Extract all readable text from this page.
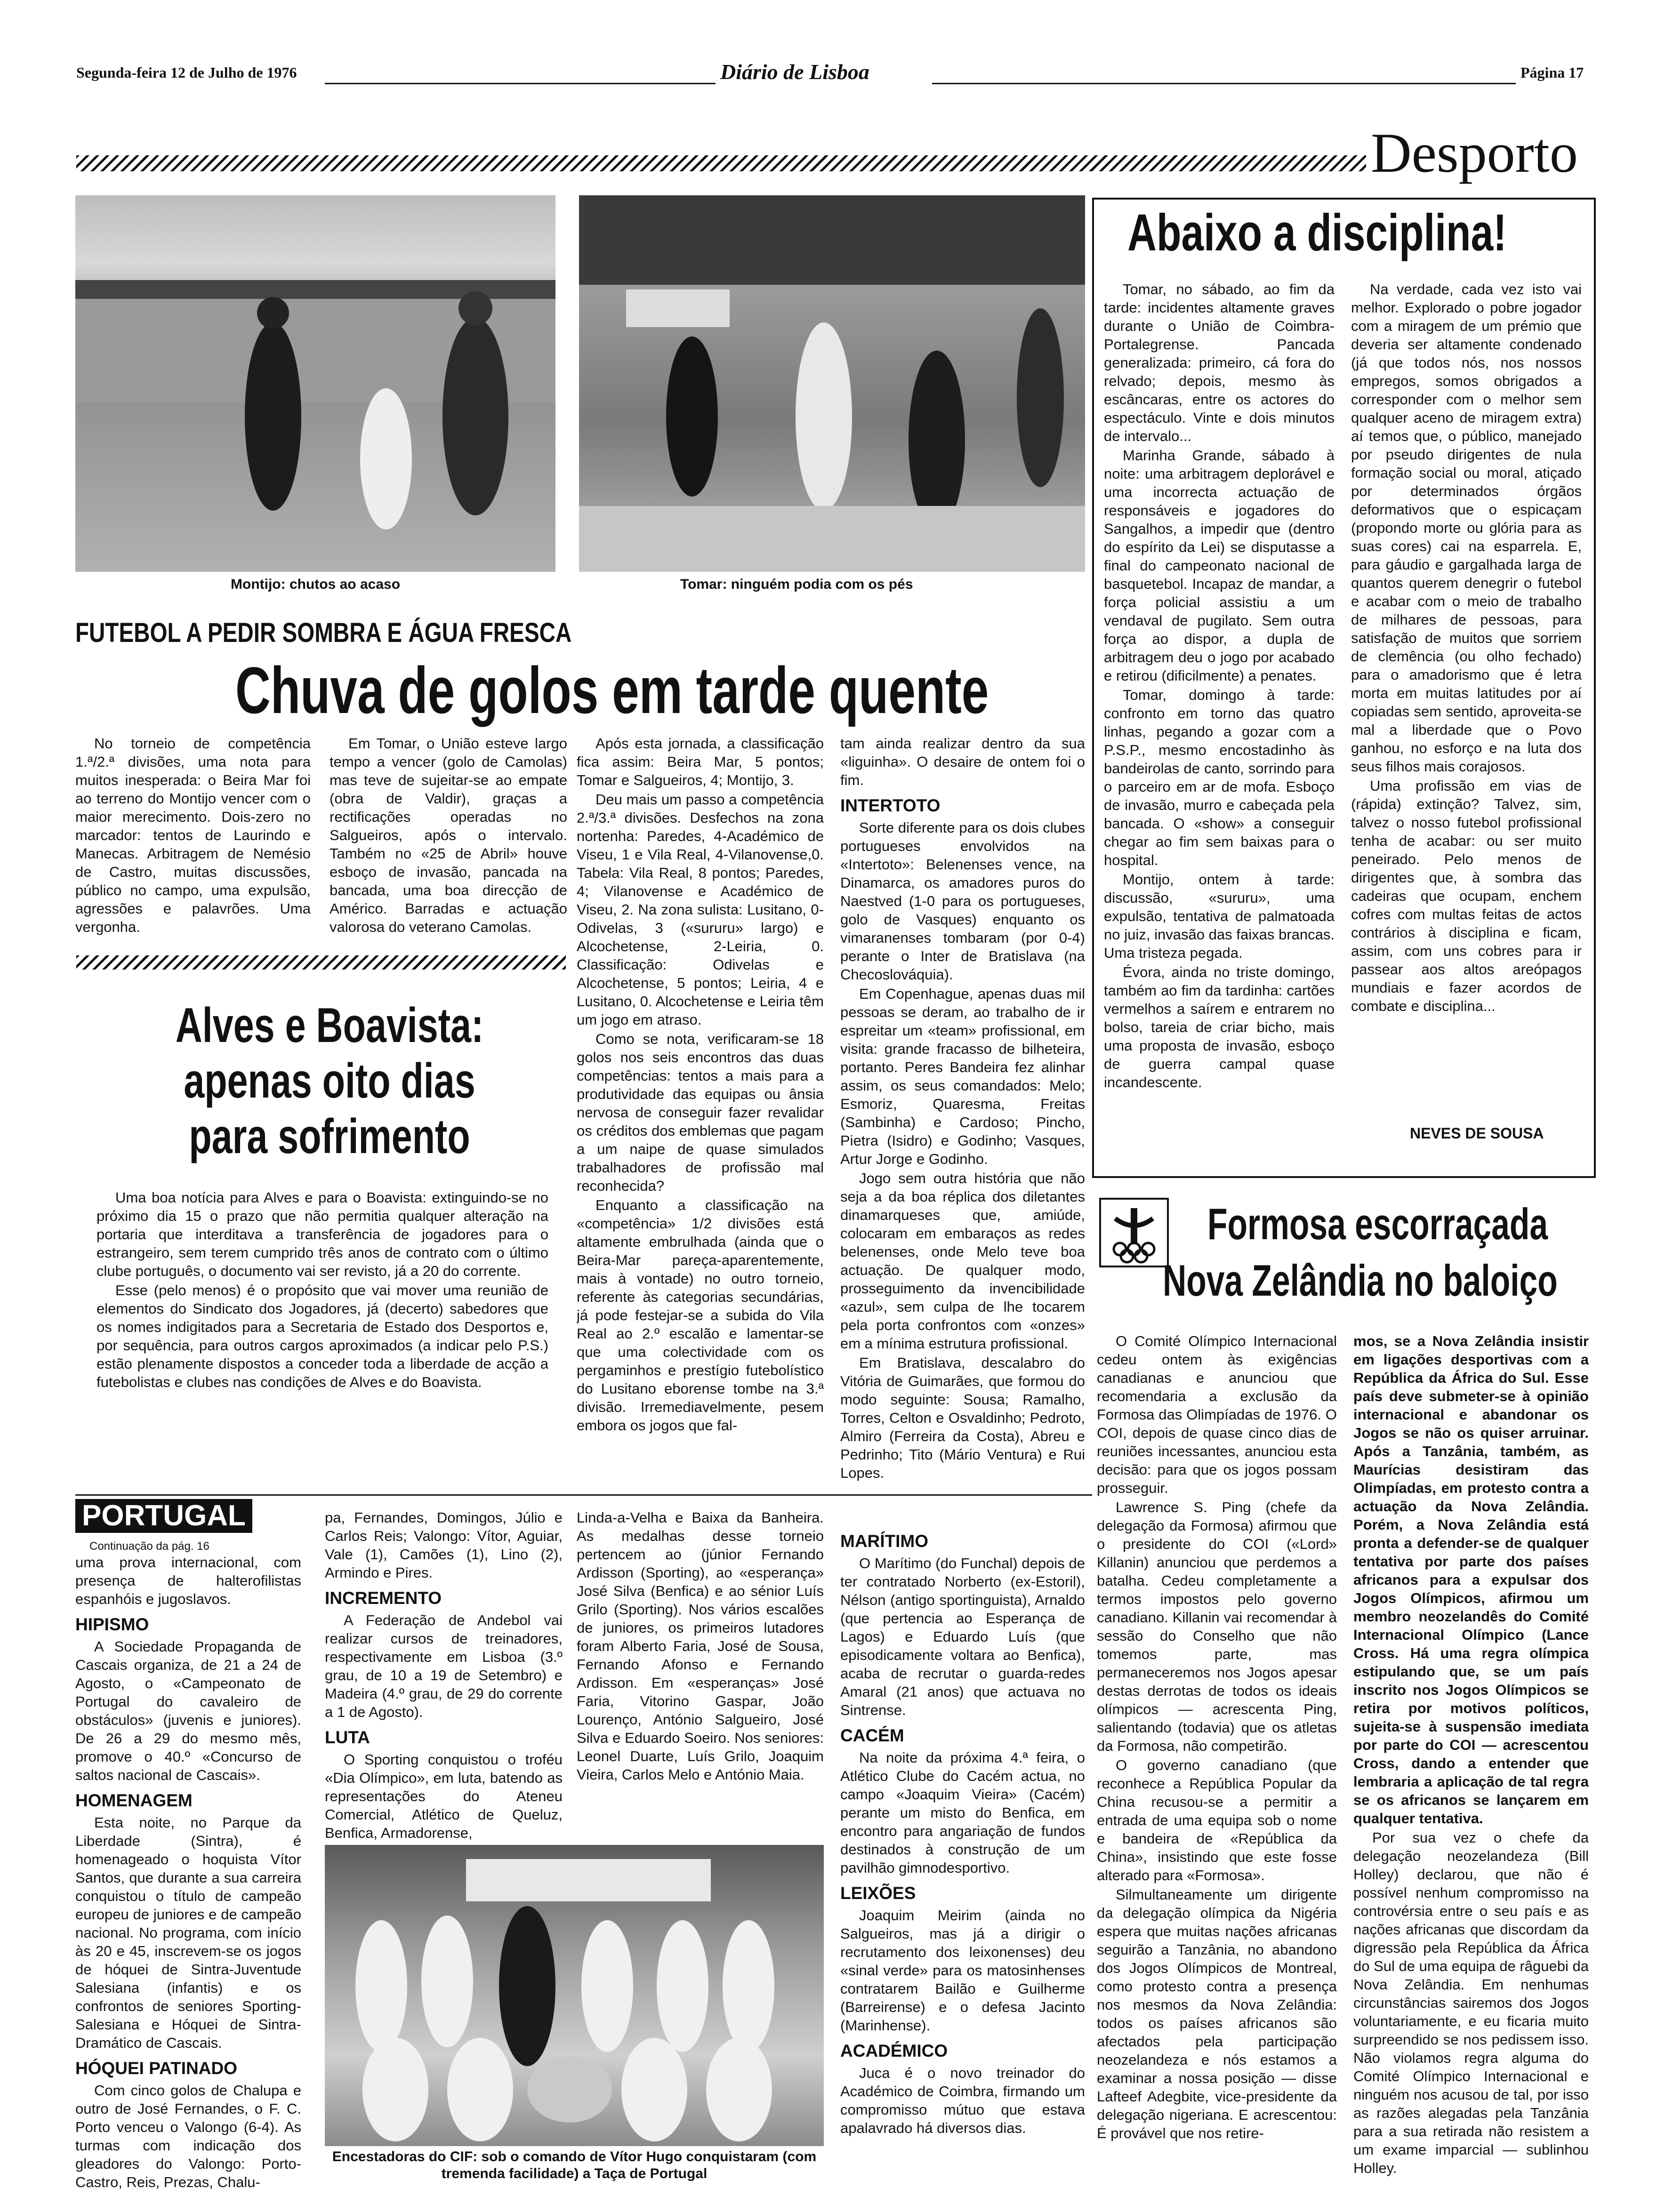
Segunda-feira 12 de Julho de 1976	Diário de Lisboa	Página 17
Desporto
Montijo: chutos ao acaso	Tomar: ninguém podia com os pés
FUTEBOL A PEDIR SOMBRA E ÁGUA FRESCA
Chuva de golos em tarde quente

No torneio de competência 1.ª/2.ª divisões, uma nota para muitos inesperada: o Beira Mar foi ao terreno do Montijo vencer com o maior merecimento. Dois-zero no marcador: tentos de Laurindo e Manecas. Arbitragem de Nemésio de Castro, muitas discussões, público no campo, uma expulsão, agressões e palavrões. Uma vergonha.

Em Tomar, o União esteve largo tempo a vencer (golo de Camolas) mas teve de sujeitar-se ao empate (obra de Valdir), graças a rectificações operadas no Salgueiros, após o intervalo. Também no «25 de Abril» houve esboço de invasão, pancada na bancada, uma boa direcção de Américo. Barradas e actuação valorosa do veterano Camolas.

Após esta jornada, a classificação fica assim: Beira Mar, 5 pontos; Tomar e Salgueiros, 4; Montijo, 3.

Deu mais um passo a competência 2.ª/3.ª divisões. Desfechos na zona nortenha: Paredes, 4-Académico de Viseu, 1 e Vila Real, 4-Vilanovense,0. Tabela: Vila Real, 8 pontos; Paredes, 4; Vilanovense e Académico de Viseu, 2. Na zona sulista: Lusitano, 0-Odivelas, 3 («sururu» largo) e Alcochetense, 2-Leiria, 0. Classificação: Odivelas e Alcochetense, 5 pontos; Leiria, 4 e Lusitano, 0. Alcochetense e Leiria têm um jogo em atraso.

Como se nota, verificaram-se 18 golos nos seis encontros das duas competências: tentos a mais para a produtividade das equipas ou ânsia nervosa de conseguir fazer revalidar os créditos dos emblemas que pagam a um naipe de quase simulados trabalhadores de profissão mal reconhecida?

Enquanto a classificação na «competência» 1/2 divisões está altamente embrulhada (ainda que o Beira-Mar pareça-aparentemente, mais à vontade) no outro torneio, referente às categorias secundárias, já pode festejar-se a subida do Vila Real ao 2.º escalão e lamentar-se que uma colectividade com os pergaminhos e prestígio futebolístico do Lusitano eborense tombe na 3.ª divisão. Irremediavelmente, pesem embora os jogos que fal-

tam ainda realizar dentro da sua «liguinha». O desaire de ontem foi o fim.

INTERTOTO

Sorte diferente para os dois clubes portugueses envolvidos na «Intertoto»: Belenenses vence, na Dinamarca, os amadores puros do Naestved (1-0 para os portugueses, golo de Vasques) enquanto os vimaranenses tombaram (por 0-4) perante o Inter de Bratislava (na Checoslováquia).

Em Copenhague, apenas duas mil pessoas se deram, ao trabalho de ir espreitar um «team» profissional, em visita: grande fracasso de bilheteira, portanto. Peres Bandeira fez alinhar assim, os seus comandados: Melo; Esmoriz, Quaresma, Freitas (Sambinha) e Cardoso; Pincho, Pietra (Isidro) e Godinho; Vasques, Artur Jorge e Godinho.

Jogo sem outra história que não seja a da boa réplica dos diletantes dinamarqueses que, amiúde, colocaram em embaraços as redes belenenses, onde Melo teve boa actuação. De qualquer modo, prosseguimento da invencibilidade «azul», sem culpa de lhe tocarem pela porta confrontos com «onzes» em a mínima estrutura profissional.

Em Bratislava, descalabro do Vitória de Guimarães, que formou do modo seguinte: Sousa; Ramalho, Torres, Celton e Osvaldinho; Pedroto, Almiro (Ferreira da Costa), Abreu e Pedrinho; Tito (Mário Ventura) e Rui Lopes.

Alves e Boavista: apenas oito dias para sofrimento

Uma boa notícia para Alves e para o Boavista: extinguindo-se no próximo dia 15 o prazo que não permitia qualquer alteração na portaria que interditava a transferência de jogadores para o estrangeiro, sem terem cumprido três anos de contrato com o último clube português, o documento vai ser revisto, já a 20 do corrente.

Esse (pelo menos) é o propósito que vai mover uma reunião de elementos do Sindicato dos Jogadores, já (decerto) sabedores que os nomes indigitados para a Secretaria de Estado dos Desportos e, por sequência, para outros cargos aproximados (a indicar pelo P.S.) estão plenamente dispostos a conceder toda a liberdade de acção a futebolistas e clubes nas condições de Alves e do Boavista.

Abaixo a disciplina!

Tomar, no sábado, ao fim da tarde: incidentes altamente graves durante o União de Coimbra-Portalegrense. Pancada generalizada: primeiro, cá fora do relvado; depois, mesmo às escâncaras, entre os actores do espectáculo. Vinte e dois minutos de intervalo...

Marinha Grande, sábado à noite: uma arbitragem deplorável e uma incorrecta actuação de responsáveis e jogadores do Sangalhos, a impedir que (dentro do espírito da Lei) se disputasse a final do campeonato nacional de basquetebol. Incapaz de mandar, a força policial assistiu a um vendaval de pugilato. Sem outra força ao dispor, a dupla de arbitragem deu o jogo por acabado e retirou (dificilmente) a penates.

Tomar, domingo à tarde: confronto em torno das quatro linhas, pegando a gozar com a P.S.P., mesmo encostadinho às bandeirolas de canto, sorrindo para o parceiro em ar de mofa. Esboço de invasão, murro e cabeçada pela bancada. O «show» a conseguir chegar ao fim sem baixas para o hospital.

Montijo, ontem à tarde: discussão, «sururu», uma expulsão, tentativa de palmatoada no juiz, invasão das faixas brancas. Uma tristeza pegada.

Évora, ainda no triste domingo, também ao fim da tardinha: cartões vermelhos a saírem e entrarem no bolso, tareia de criar bicho, mais uma proposta de invasão, esboço de guerra campal quase incandescente.

Na verdade, cada vez isto vai melhor. Explorado o pobre jogador com a miragem de um prémio que deveria ser altamente condenado (já que todos nós, nos nossos empregos, somos obrigados a corresponder com o melhor sem qualquer aceno de miragem extra) aí temos que, o público, manejado por pseudo dirigentes de nula formação social ou moral, atiçado por determinados órgãos deformativos que o espicaçam (propondo morte ou glória para as suas cores) cai na esparrela. E, para gáudio e gargalhada larga de quantos querem denegrir o futebol e acabar com o meio de trabalho de milhares de pessoas, para satisfação de muitos que sorriem de clemência (ou olho fechado) para o amadorismo que é letra morta em muitas latitudes por aí copiadas sem sentido, aproveita-se mal a liberdade que o Povo ganhou, no esforço e na luta dos seus filhos mais corajosos.

Uma profissão em vias de (rápida) extinção? Talvez, sim, talvez o nosso futebol profissional tenha de acabar: ou ser muito peneirado. Pelo menos de dirigentes que, à sombra das cadeiras que ocupam, enchem cofres com multas feitas de actos contrários à disciplina e ficam, assim, com uns cobres para ir passear aos altos areópagos mundiais e fazer acordos de combate e disciplina...

NEVES DE SOUSA
Formosa escorraçada
Nova Zelândia no baloiço

O Comité Olímpico Internacional cedeu ontem às exigências canadianas e anunciou que recomendaria a exclusão da Formosa das Olimpíadas de 1976. O COI, depois de quase cinco dias de reuniões incessantes, anunciou esta decisão: para que os jogos possam prosseguir.

Lawrence S. Ping (chefe da delegação da Formosa) afirmou que o presidente do COI («Lord» Killanin) anunciou que perdemos a batalha. Cedeu completamente a termos impostos pelo governo canadiano. Killanin vai recomendar à sessão do Conselho que não tomemos parte, mas permaneceremos nos Jogos apesar destas derrotas de todos os ideais olímpicos — acrescenta Ping, salientando (todavia) que os atletas da Formosa, não competirão.

O governo canadiano (que reconhece a República Popular da China recusou-se a permitir a entrada de uma equipa sob o nome e bandeira de «República da China», insistindo que este fosse alterado para «Formosa».

Silmultaneamente um dirigente da delegação olímpica da Nigéria espera que muitas nações africanas seguirão a Tanzânia, no abandono dos Jogos Olímpicos de Montreal, como protesto contra a presença nos mesmos da Nova Zelândia: todos os países africanos são afectados pela participação neozelandeza e nós estamos a examinar a nossa posição — disse Lafteef Adegbite, vice-presidente da delegação nigeriana. E acrescentou: É provável que nos retire-

mos, se a Nova Zelândia insistir em ligações desportivas com a República da África do Sul. Esse país deve submeter-se à opinião internacional e abandonar os Jogos se não os quiser arruinar. Após a Tanzânia, também, as Maurícias desistiram das Olimpíadas, em protesto contra a actuação da Nova Zelândia. Porém, a Nova Zelândia está pronta a defender-se de qualquer tentativa por parte dos países africanos para a expulsar dos Jogos Olímpicos, afirmou um membro neozelandês do Comité Internacional Olímpico (Lance Cross. Há uma regra olímpica estipulando que, se um país inscrito nos Jogos Olímpicos se retira por motivos políticos, sujeita-se à suspensão imediata por parte do COI — acrescentou Cross, dando a entender que lembraria a aplicação de tal regra se os africanos se lançarem em qualquer tentativa.

Por sua vez o chefe da delegação neozelandeza (Bill Holley) declarou, que não é possível nenhum compromisso na controvérsia entre o seu país e as nações africanas que discordam da digressão pela República da África do Sul de uma equipa de râguebi da Nova Zelândia. Em nenhumas circunstâncias sairemos dos Jogos voluntariamente, e eu ficaria muito surpreendido se nos pedissem isso. Não violamos regra alguma do Comité Olímpico Internacional e ninguém nos acusou de tal, por isso as razões alegadas pela Tanzânia para a sua retirada não resistem a um exame imparcial — sublinhou Holley.

PORTUGAL
Continuação da pág. 16

uma prova internacional, com presença de halterofilistas espanhóis e jugoslavos.

HIPISMO

A Sociedade Propaganda de Cascais organiza, de 21 a 24 de Agosto, o «Campeonato de Portugal do cavaleiro de obstáculos» (juvenis e juniores). De 26 a 29 do mesmo mês, promove o 40.º «Concurso de saltos nacional de Cascais».

HOMENAGEM

Esta noite, no Parque da Liberdade (Sintra), é homenageado o hoquista Vítor Santos, que durante a sua carreira conquistou o título de campeão europeu de juniores e de campeão nacional. No programa, com início às 20 e 45, inscrevem-se os jogos de hóquei de Sintra-Juventude Salesiana (infantis) e os confrontos de seniores Sporting-Salesiana e Hóquei de Sintra-Dramático de Cascais.

HÓQUEI PATINADO

Com cinco golos de Chalupa e outro de José Fernandes, o F. C. Porto venceu o Valongo (6-4). As turmas com indicação dos gleadores do Valongo: Porto-Castro, Reis, Prezas, Chalu-

pa, Fernandes, Domingos, Júlio e Carlos Reis; Valongo: Vítor, Aguiar, Vale (1), Camões (1), Lino (2), Armindo e Pires.

INCREMENTO

A Federação de Andebol vai realizar cursos de treinadores, respectivamente em Lisboa (3.º grau, de 10 a 19 de Setembro) e Madeira (4.º grau, de 29 do corrente a 1 de Agosto).

LUTA

O Sporting conquistou o troféu «Dia Olímpico», em luta, batendo as representações do Ateneu Comercial, Atlético de Queluz, Benfica, Armadorense,

Linda-a-Velha e Baixa da Banheira. As medalhas desse torneio pertencem ao (júnior Fernando Ardisson (Sporting), ao «esperança» José Silva (Benfica) e ao sénior Luís Grilo (Sporting). Nos vários escalões de juniores, os primeiros lutadores foram Alberto Faria, José de Sousa, Fernando Afonso e Fernando Ardisson. Em «esperanças» José Faria, Vitorino Gaspar, João Lourenço, António Salgueiro, José Silva e Eduardo Soeiro. Nos seniores: Leonel Duarte, Luís Grilo, Joaquim Vieira, Carlos Melo e António Maia.

Encestadoras do CIF: sob o comando de Vítor Hugo conquistaram (com tremenda facilidade) a Taça de Portugal
MARÍTIMO

O Marítimo (do Funchal) depois de ter contratado Norberto (ex-Estoril), Nélson (antigo sportinguista), Arnaldo (que pertencia ao Esperança de Lagos) e Eduardo Luís (que episodicamente voltara ao Benfica), acaba de recrutar o guarda-redes Amaral (21 anos) que actuava no Sintrense.

CACÉM

Na noite da próxima 4.ª feira, o Atlético Clube do Cacém actua, no campo «Joaquim Vieira» (Cacém) perante um misto do Benfica, em encontro para angariação de fundos destinados à construção de um pavilhão gimnodesportivo.

LEIXÕES

Joaquim Meirim (ainda no Salgueiros, mas já a dirigir o recrutamento dos leixonenses) deu «sinal verde» para os matosinhenses contratarem Bailão e Guilherme (Barreirense) e o defesa Jacinto (Marinhense).

ACADÉMICO

Juca é o novo treinador do Académico de Coimbra, firmando um compromisso mútuo que estava apalavrado há diversos dias.
